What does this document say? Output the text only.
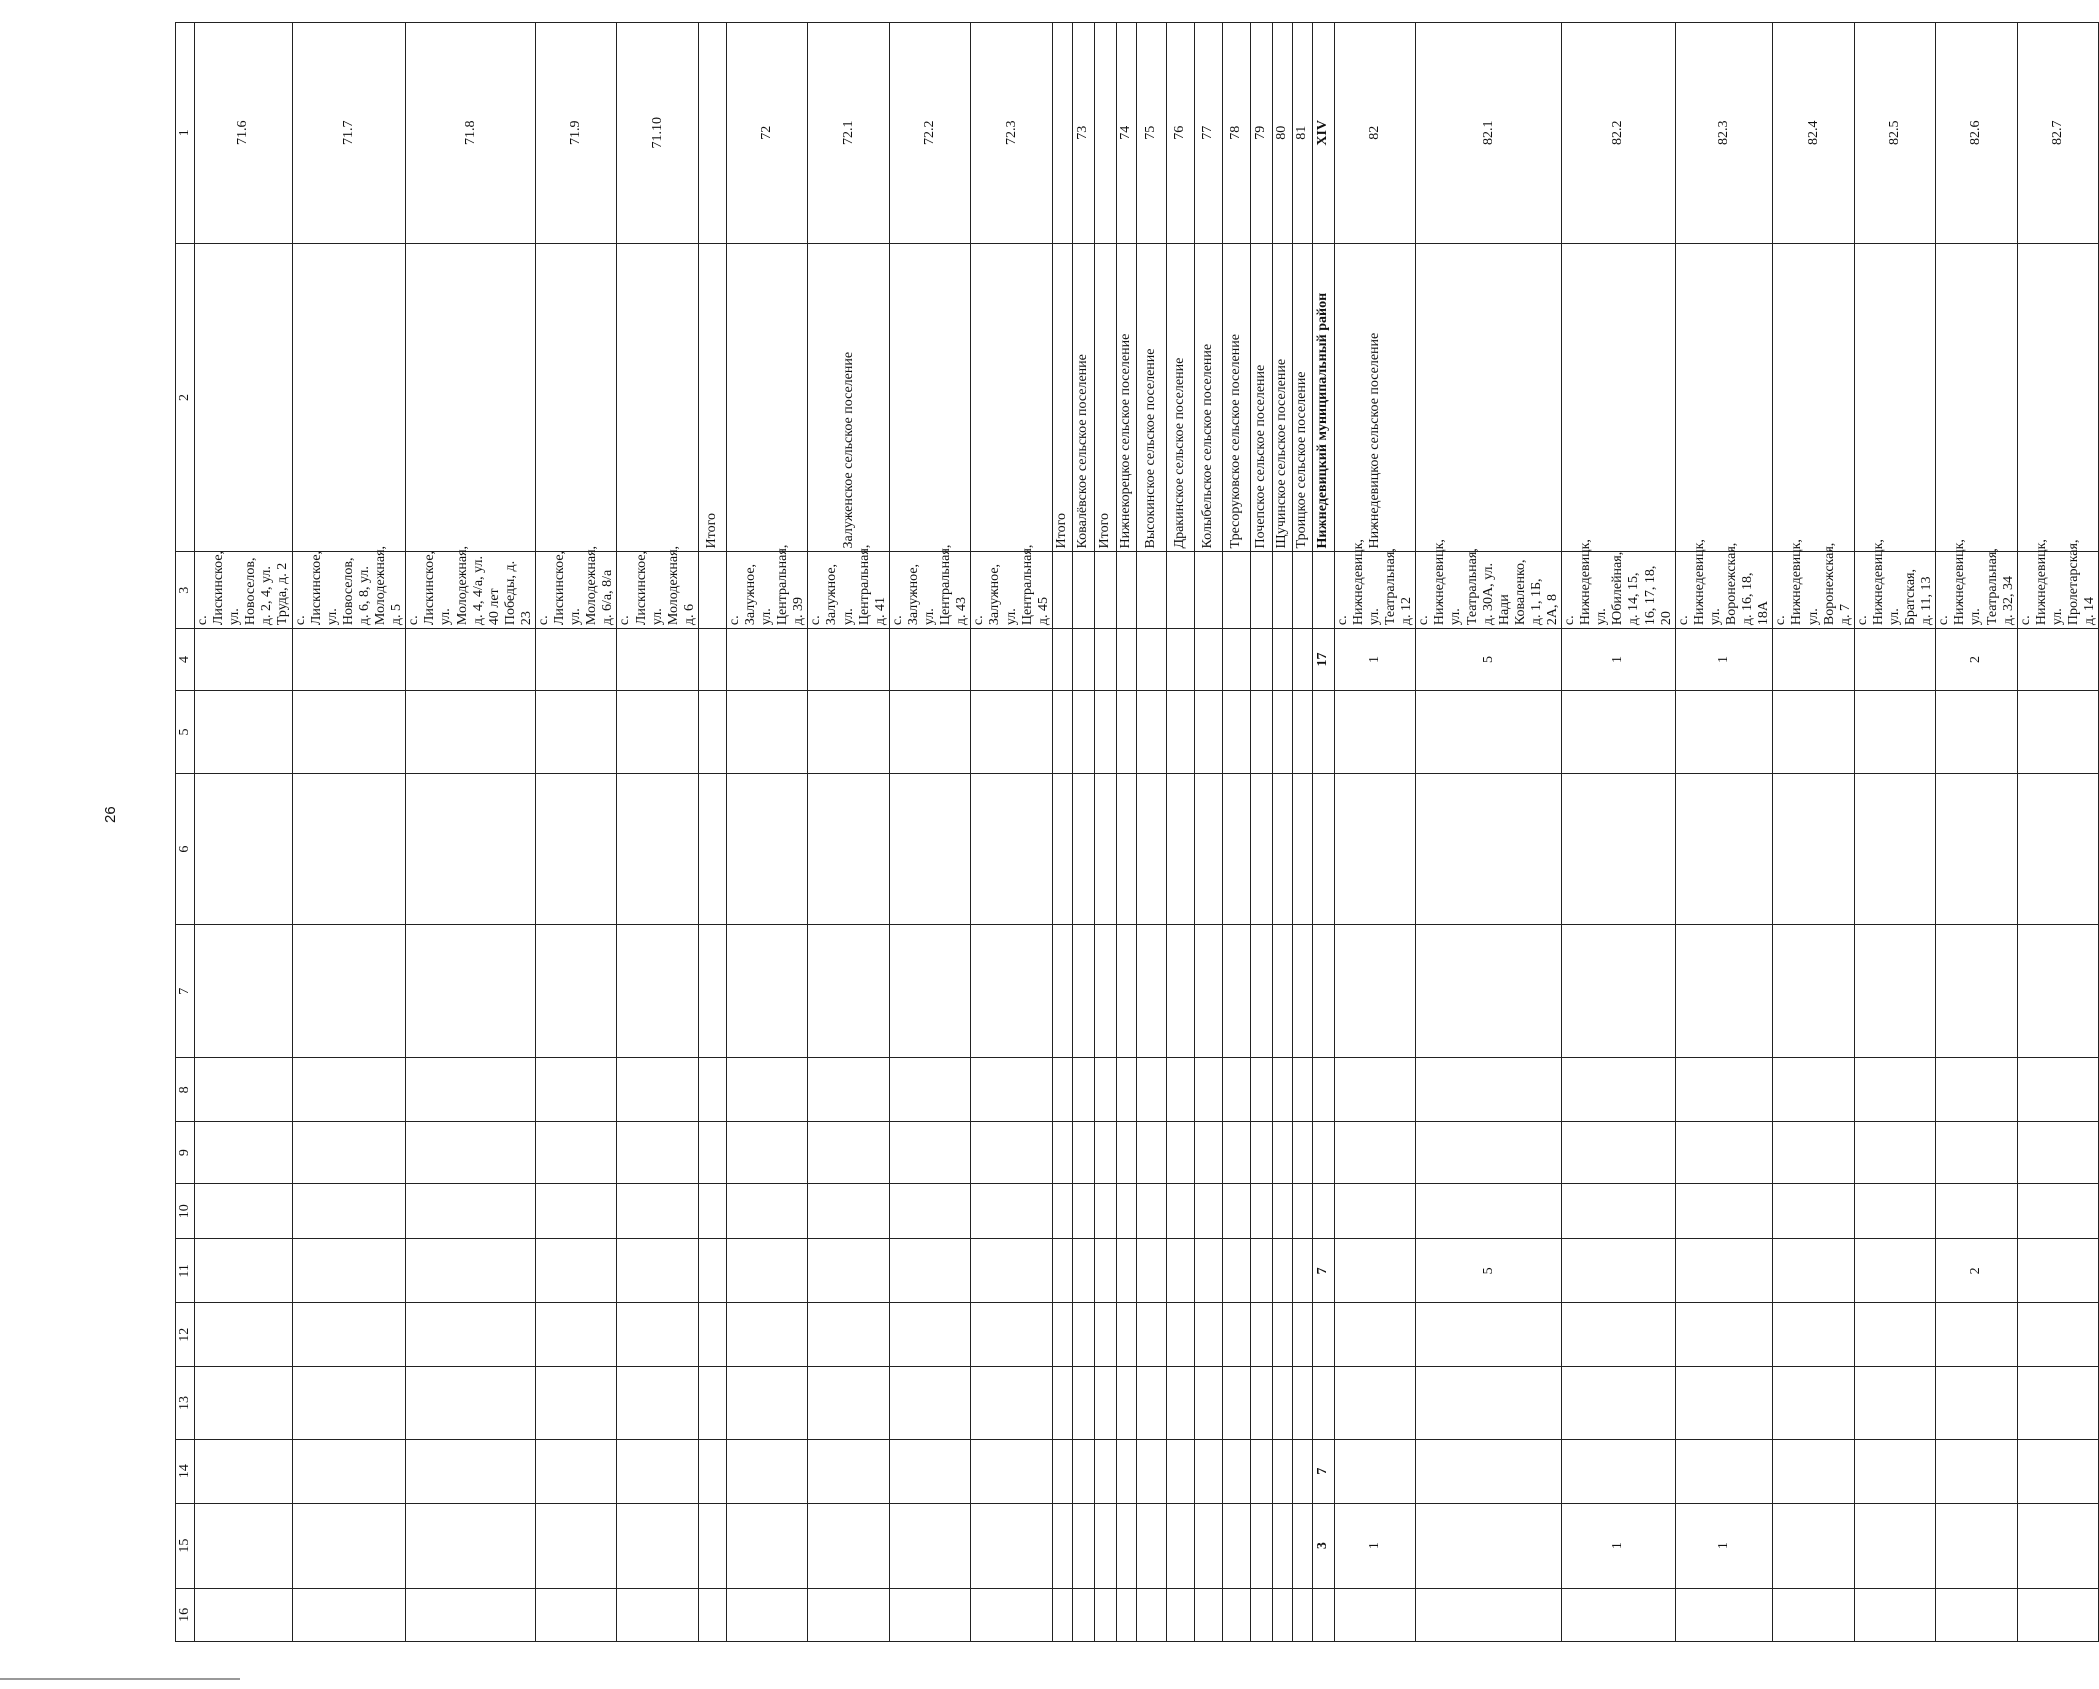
26
16	15	14	13	12	11	10	9	8	7	6	5	4	3	2	1
													с. Лискинское, ул. Новоселов, д. 2, 4, ул. Труда, д. 2		71.6
													с. Лискинское, ул. Новоселов, д. 6, 8, ул. Молодежная, д. 5		71.7
													с. Лискинское, ул. Молодежная, д. 4, 4/а, ул. 40 лет Победы, д. 23		71.8
													с. Лискинское, ул. Молодежная, д. 6/а, 8/а		71.9
													с. Лискинское, ул. Молодежная, д. 6		71.10
														Итого	
													с. Залужное, ул. Центральная, д. 39		72
													с. Залужное, ул. Центральная, д. 41	Залуженское сельское поселение	72.1
													с. Залужное, ул. Центральная, д. 43		72.2
													с. Залужное, ул. Центральная, д. 45		72.3
														Итого	
														Ковалёвское сельское поселение	73
														Итого	
														Нижнекорецкое сельское поселение	74
														Высокинское сельское поселение	75
														Дракинское сельское поселение	76
														Колыбельское сельское поселение	77
														Тресоруковское сельское поселение	78
														Почепское сельское поселение	79
														Щучинское сельское поселение	80
														Троицкое сельское поселение	81
	3	7			7							17		Нижнедевицкий муниципальный район	XIV
	1											1	с. Нижнедевицк, ул. Театральная, д. 12	Нижнедевицкое сельское поселение	82
					5							5	с. Нижнедевицк, ул. Театральная, д. 30А, ул. Нади Коваленко, д. 1, 1Б, 2А, 8		82.1
	1											1	с. Нижнедевицк, ул. Юбилейная, д. 14, 15, 16, 17, 18, 20		82.2
	1											1	с. Нижнедевицк, ул. Воронежская, д. 16, 18, 18А		82.3
													с. Нижнедевицк, ул. Воронежская, д. 7		82.4
													с. Нижнедевицк, ул. Братская, д. 11, 13		82.5
					2							2	с. Нижнедевицк, ул. Театральная, д. 32, 34		82.6
													с. Нижнедевицк, ул. Пролетарская, д. 14		82.7
